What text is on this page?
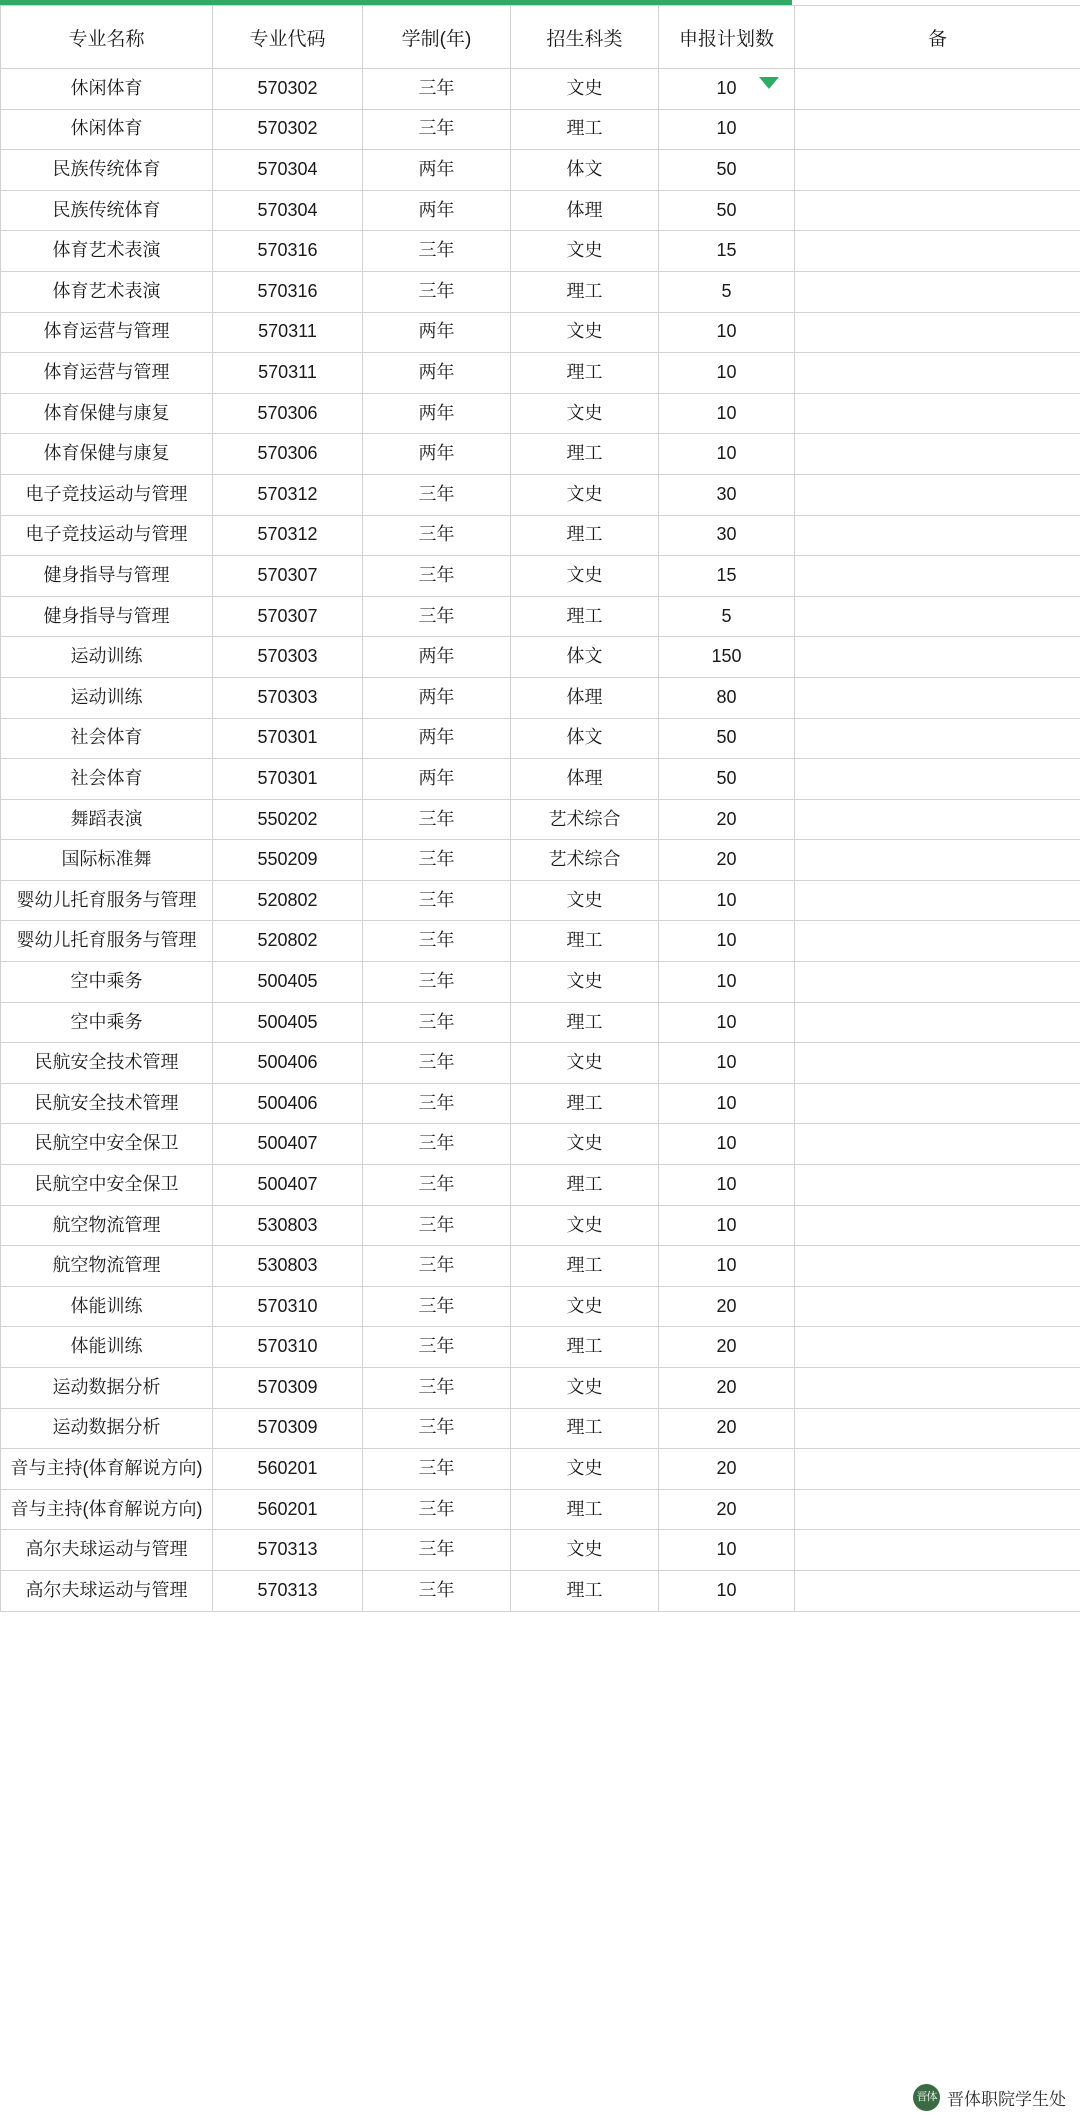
专业名称	专业代码	学制(年)	招生科类	申报计划数	备
休闲体育	570302	三年	文史	10	
休闲体育	570302	三年	理工	10	
民族传统体育	570304	两年	体文	50	
民族传统体育	570304	两年	体理	50	
体育艺术表演	570316	三年	文史	15	
体育艺术表演	570316	三年	理工	5	
体育运营与管理	570311	两年	文史	10	
体育运营与管理	570311	两年	理工	10	
体育保健与康复	570306	两年	文史	10	
体育保健与康复	570306	两年	理工	10	
电子竞技运动与管理	570312	三年	文史	30	
电子竞技运动与管理	570312	三年	理工	30	
健身指导与管理	570307	三年	文史	15	
健身指导与管理	570307	三年	理工	5	
运动训练	570303	两年	体文	150	
运动训练	570303	两年	体理	80	
社会体育	570301	两年	体文	50	
社会体育	570301	两年	体理	50	
舞蹈表演	550202	三年	艺术综合	20	
国际标准舞	550209	三年	艺术综合	20	
婴幼儿托育服务与管理	520802	三年	文史	10	
婴幼儿托育服务与管理	520802	三年	理工	10	
空中乘务	500405	三年	文史	10	
空中乘务	500405	三年	理工	10	
民航安全技术管理	500406	三年	文史	10	
民航安全技术管理	500406	三年	理工	10	
民航空中安全保卫	500407	三年	文史	10	
民航空中安全保卫	500407	三年	理工	10	
航空物流管理	530803	三年	文史	10	
航空物流管理	530803	三年	理工	10	
体能训练	570310	三年	文史	20	
体能训练	570310	三年	理工	20	
运动数据分析	570309	三年	文史	20	
运动数据分析	570309	三年	理工	20	
音与主持(体育解说方向)	560201	三年	文史	20	
音与主持(体育解说方向)	560201	三年	理工	20	
高尔夫球运动与管理	570313	三年	文史	10	
高尔夫球运动与管理	570313	三年	理工	10	
晋体 晋体职院学生处
